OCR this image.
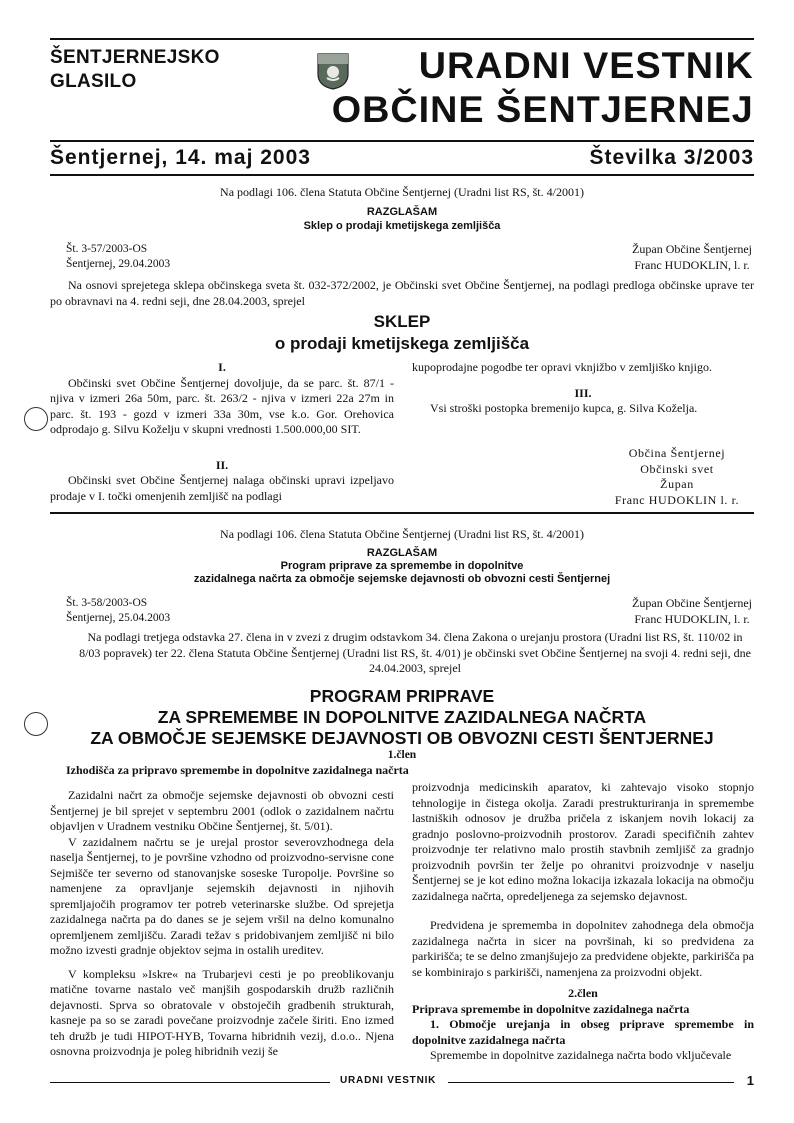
ŠENTJERNEJSKO
GLASILO	URADNI VESTNIK
OBČINE ŠENTJERNEJ
Šentjernej, 14. maj 2003	Številka 3/2003
Na podlagi 106. člena Statuta Občine Šentjernej (Uradni list RS, št. 4/2001)
RAZGLAŠAM
Sklep o prodaji kmetijskega zemljišča
Št. 3-57/2003-OS
Šentjernej, 29.04.2003
Župan Občine Šentjernej
Franc HUDOKLIN, l. r.

Na osnovi sprejetega sklepa občinskega sveta št. 032-372/2002, je Občinski svet Občine Šentjernej, na podlagi predloga občinske uprave ter po obravnavi na 4. redni seji, dne 28.04.2003, sprejel

SKLEP
o prodaji kmetijskega zemljišča
I.

Občinski svet Občine Šentjernej dovoljuje, da se parc. št. 87/1 - njiva v izmeri 26a 50m, parc. št. 263/2 - njiva v izmeri 22a 27m in parc. št. 193 - gozd v izmeri 33a 30m, vse k.o. Gor. Orehovica odprodajo g. Silvu Koželju v skupni vrednosti 1.500.000,00 SIT.

II.

Občinski svet Občine Šentjernej nalaga občinski upravi izpeljavo prodaje v I. točki omenjenih zemljišč na podlagi

kupoprodajne pogodbe ter opravi vknjižbo v zemljiško knjigo.

III.

Vsi stroški postopka bremenijo kupca, g. Silva Koželja.

Občina Šentjernej
Občinski svet
Župan
Franc HUDOKLIN l. r.
Na podlagi 106. člena Statuta Občine Šentjernej (Uradni list RS, št. 4/2001)
RAZGLAŠAM
Program priprave za spremembe in dopolnitve
zazidalnega načrta za območje sejemske dejavnosti ob obvozni cesti Šentjernej
Št. 3-58/2003-OS
Šentjernej, 25.04.2003
Župan Občine Šentjernej
Franc HUDOKLIN, l. r.
Na podlagi tretjega odstavka 27. člena in v zvezi z drugim odstavkom 34. člena Zakona o urejanju prostora (Uradni list RS, št. 110/02 in 8/03 popravek) ter 22. člena Statuta Občine Šentjernej (Uradni list RS, št. 4/01) je občinski svet Občine Šentjernej na svoji 4. redni seji, dne 24.04.2003, sprejel
PROGRAM PRIPRAVE
ZA SPREMEMBE IN DOPOLNITVE ZAZIDALNEGA NAČRTA
ZA OBMOČJE SEJEMSKE DEJAVNOSTI OB OBVOZNI CESTI ŠENTJERNEJ
1.člen
Izhodišča za pripravo spremembe in dopolnitve zazidalnega načrta

Zazidalni načrt za območje sejemske dejavnosti ob obvozni cesti Šentjernej je bil sprejet v septembru 2001 (odlok o zazidalnem načrtu objavljen v Uradnem vestniku Občine Šentjernej, št. 5/01).

V zazidalnem načrtu se je urejal prostor severovzhodnega dela naselja Šentjernej, to je površine vzhodno od proizvodno-servisne cone Sejmišče ter severno od stanovanjske soseske Turopolje. Površine so namenjene za opravljanje sejemskih dejavnosti in njihovih spremljajočih programov ter potreb veterinarske službe. Od sprejetja zazidalnega načrta pa do danes se je sejem vršil na delno komunalno opremljenem zemljišču. Zaradi težav s pridobivanjem zemljišč ni bilo možno izvesti gradnje objektov sejma in ostalih ureditev.

V kompleksu »Iskre« na Trubarjevi cesti je po preoblikovanju matične tovarne nastalo več manjših gospodarskih družb različnih dejavnosti. Sprva so obratovale v obstoječih gradbenih strukturah, kasneje pa so se zaradi povečane proizvodnje začele širiti. Eno izmed teh družb je tudi HIPOT-HYB, Tovarna hibridnih vezij, d.o.o.. Njena osnovna proizvodnja je poleg hibridnih vezij še

proizvodnja medicinskih aparatov, ki zahtevajo visoko stopnjo tehnologije in čistega okolja. Zaradi prestrukturiranja in spremembe lastniških odnosov je družba pričela z iskanjem novih lokacij za gradnjo poslovno-proizvodnih prostorov. Zaradi specifičnih zahtev proizvodnje ter relativno malo prostih stavbnih zemljišč za gradnjo proizvodnih površin ter želje po ohranitvi proizvodnje v naselju Šentjernej se je kot edino možna lokacija izkazala lokacija na območju zazidalnega načrta, opredeljenega za sejemsko dejavnost.

Predvidena je sprememba in dopolnitev zahodnega dela območja zazidalnega načrta in sicer na površinah, ki so predvidena za parkirišča; te se delno zmanjšujejo za predvidene objekte, parkirišča pa se kombinirajo s parkirišči, namenjena za proizvodni objekt.

2.člen

Priprava spremembe in dopolnitve zazidalnega načrta

1. Območje urejanja in obseg priprave spremembe in dopolnitve zazidalnega načrta

Spremembe in dopolnitve zazidalnega načrta bodo vključevale

URADNI VESTNIK	1
